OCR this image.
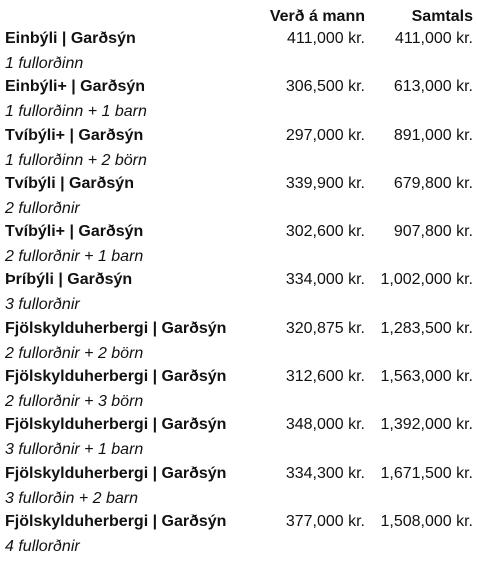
Verð á mann	Samtals
Einbýli | Garðsýn	411,000 kr.	411,000 kr.
1 fullorðinn
Einbýli+ | Garðsýn	306,500 kr.	613,000 kr.
1 fullorðinn + 1 barn
Tvíbýli+ | Garðsýn	297,000 kr.	891,000 kr.
1 fullorðinn + 2 börn
Tvíbýli | Garðsýn	339,900 kr.	679,800 kr.
2 fullorðnir
Tvíbýli+ | Garðsýn	302,600 kr.	907,800 kr.
2 fullorðnir + 1 barn
Þríbýli | Garðsýn	334,000 kr. 1,002,000 kr.
3 fullorðnir
Fjölskylduherbergi | Garðsýn	320,875 kr. 1,283,500 kr.
2 fullorðnir + 2 börn
Fjölskylduherbergi | Garðsýn	312,600 kr. 1,563,000 kr.
2 fullorðnir + 3 börn
Fjölskylduherbergi | Garðsýn	348,000 kr. 1,392,000 kr.
3 fullorðnir + 1 barn
Fjölskylduherbergi | Garðsýn	334,300 kr. 1,671,500 kr.
3 fullorðin + 2 barn
Fjölskylduherbergi | Garðsýn	377,000 kr. 1,508,000 kr.
4 fullorðnir
